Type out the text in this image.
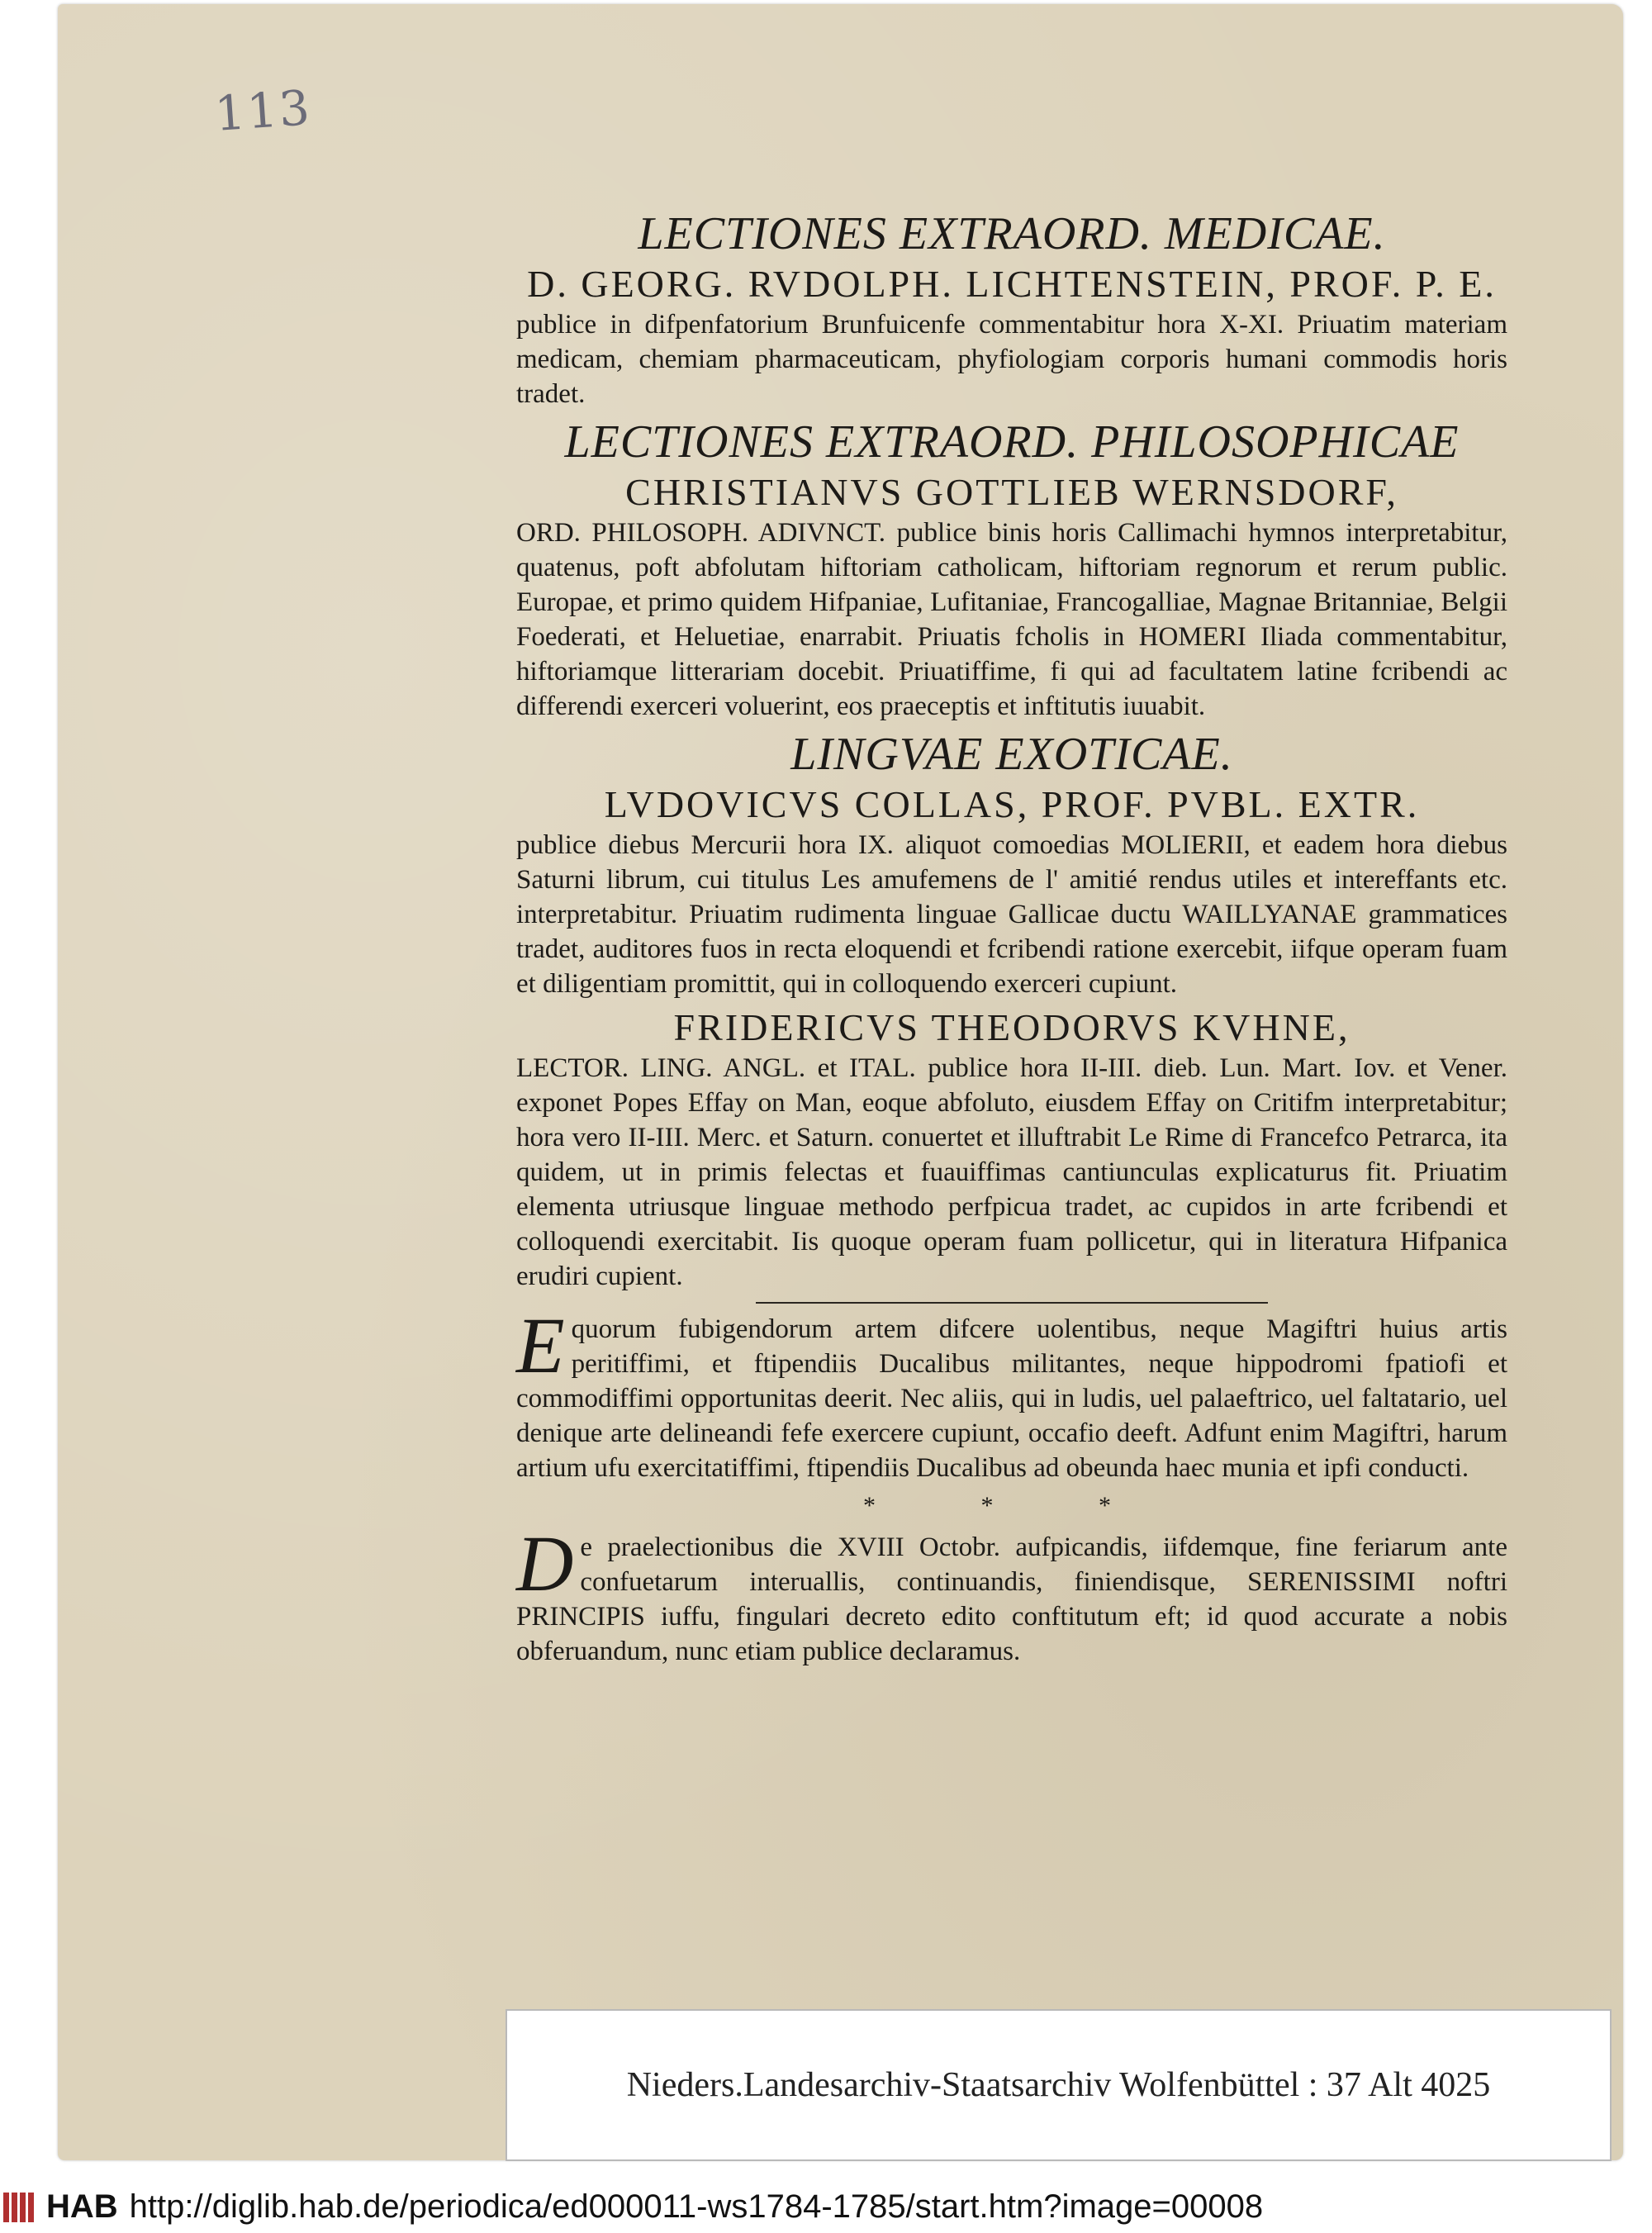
113

LECTIONES EXTRAORD. MEDICAE.

D. GEORG. RVDOLPH. LICHTENSTEIN, PROF. P. E.

publice in difpenfatorium Brunfuicenfe commentabitur hora X-XI. Priuatim materiam medicam, chemiam pharmaceuticam, phyfiologiam corporis humani commodis horis tradet.

LECTIONES EXTRAORD. PHILOSOPHICAE

CHRISTIANVS GOTTLIEB WERNSDORF,

ORD. PHILOSOPH. ADIVNCT. publice binis horis Callimachi hymnos interpretabitur, quatenus, poft abfolutam hiftoriam catholicam, hiftoriam regnorum et rerum public. Europae, et primo quidem Hifpaniae, Lufitaniae, Francogalliae, Magnae Britanniae, Belgii Foederati, et Heluetiae, enarrabit. Priuatis fcholis in HOMERI Iliada commentabitur, hiftoriamque litterariam docebit. Priuatiffime, fi qui ad facultatem latine fcribendi ac differendi exerceri voluerint, eos praeceptis et inftitutis iuuabit.

LINGVAE EXOTICAE.

LVDOVICVS COLLAS, PROF. PVBL. EXTR.

publice diebus Mercurii hora IX. aliquot comoedias MOLIERII, et eadem hora diebus Saturni librum, cui titulus Les amufemens de l' amitié rendus utiles et intereffants etc. interpretabitur. Priuatim rudimenta linguae Gallicae ductu WAILLYANAE grammatices tradet, auditores fuos in recta eloquendi et fcribendi ratione exercebit, iifque operam fuam et diligentiam promittit, qui in colloquendo exerceri cupiunt.

FRIDERICVS THEODORVS KVHNE,

LECTOR. LING. ANGL. et ITAL. publice hora II-III. dieb. Lun. Mart. Iov. et Vener. exponet Popes Effay on Man, eoque abfoluto, eiusdem Effay on Critifm interpretabitur; hora vero II-III. Merc. et Saturn. conuertet et illuftrabit Le Rime di Francefco Petrarca, ita quidem, ut in primis felectas et fuauiffimas cantiunculas explicaturus fit. Priuatim elementa utriusque linguae methodo perfpicua tradet, ac cupidos in arte fcribendi et colloquendi exercitabit. Iis quoque operam fuam pollicetur, qui in literatura Hifpanica erudiri cupient.

Equorum fubigendorum artem difcere uolentibus, neque Magiftri huius artis peritiffimi, et ftipendiis Ducalibus militantes, neque hippodromi fpatiofi et commodiffimi opportunitas deerit. Nec aliis, qui in ludis, uel palaeftrico, uel faltatario, uel denique arte delineandi fefe exercere cupiunt, occafio deeft. Adfunt enim Magiftri, harum artium ufu exercitatiffimi, ftipendiis Ducalibus ad obeunda haec munia et ipfi conducti.

* * *

De praelectionibus die XVIII Octobr. aufpicandis, iifdemque, fine feriarum ante confuetarum interuallis, continuandis, finiendisque, SERENISSIMI noftri PRINCIPIS iuffu, fingulari decreto edito conftitutum eft; id quod accurate a nobis obferuandum, nunc etiam publice declaramus.

Nieders.Landesarchiv-Staatsarchiv Wolfenbüttel : 37 Alt 4025
HAB http://diglib.hab.de/periodica/ed000011-ws1784-1785/start.htm?image=00008
